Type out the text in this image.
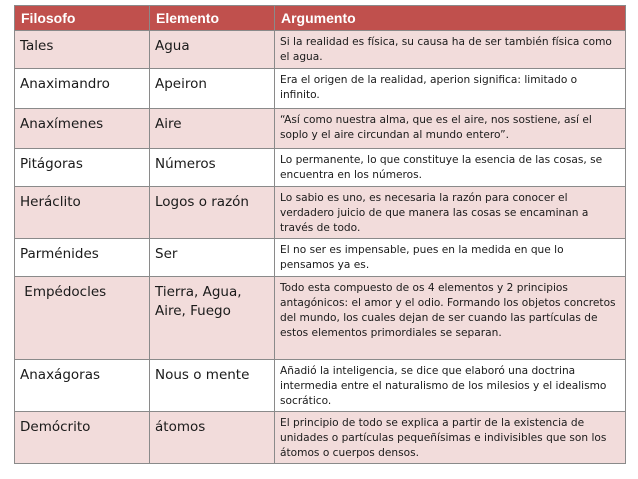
Filosofo	Elemento	Argumento
Tales	Agua	Si la realidad es física, su causa ha de ser también física como el agua.
Anaximandro	Apeiron	Era el origen de la realidad, aperion significa: limitado o infinito.
Anaxímenes	Aire	“Así como nuestra alma, que es el aire, nos sostiene, así el soplo y el aire circundan al mundo entero”.
Pitágoras	Números	Lo permanente, lo que constituye la esencia de las cosas, se encuentra en los números.
Heráclito	Logos o razón	Lo sabio es uno, es necesaria la razón para conocer el verdadero juicio de que manera las cosas se encaminan a través de todo.
Parménides	Ser	El no ser es impensable, pues en la medida en que lo pensamos ya es.
Empédocles	Tierra, Agua, Aire, Fuego	Todo esta compuesto de os 4 elementos y 2 principios antagónicos: el amor y el odio. Formando los objetos concretos del mundo, los cuales dejan de ser cuando las partículas de estos elementos primordiales se separan.
Anaxágoras	Nous o mente	Añadió la inteligencia, se dice que elaboró una doctrina intermedia entre el naturalismo de los milesios y el idealismo socrático.
Demócrito	átomos	El principio de todo se explica a partir de la existencia de unidades o partículas pequeñísimas e indivisibles que son los átomos o cuerpos densos.
